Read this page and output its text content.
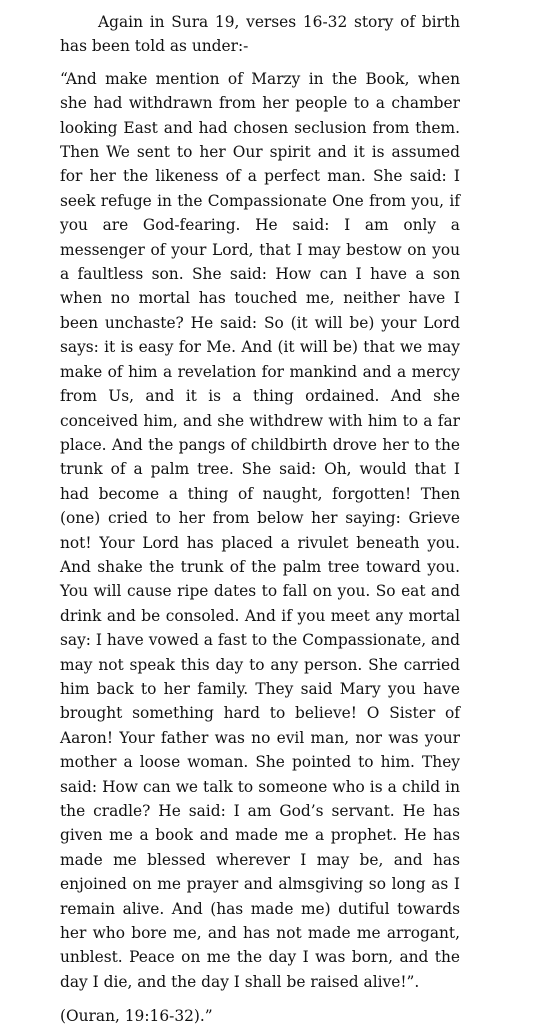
Again in Sura 19, verses 16-32 story of birth has been told as under:-

“And make mention of Marzy in the Book, when she had withdrawn from her people to a chamber looking East and had chosen seclusion from them. Then We sent to her Our spirit and it is assumed for her the likeness of a perfect man. She said: I seek refuge in the Compassionate One from you, if you are God-fearing. He said: I am only a messenger of your Lord, that I may bestow on you a faultless son. She said: How can I have a son when no mortal has touched me, neither have I been unchaste? He said: So (it will be) your Lord says: it is easy for Me. And (it will be) that we may make of him a revelation for mankind and a mercy from Us, and it is a thing ordained. And she conceived him, and she withdrew with him to a far place. And the pangs of childbirth drove her to the trunk of a palm tree. She said: Oh, would that I had become a thing of naught, forgotten! Then (one) cried to her from below her saying: Grieve not! Your Lord has placed a rivulet beneath you. And shake the trunk of the palm tree toward you. You will cause ripe dates to fall on you. So eat and drink and be consoled. And if you meet any mortal say: I have vowed a fast to the Compassionate, and may not speak this day to any person. She carried him back to her family. They said Mary you have brought something hard to believe! O Sister of Aaron! Your father was no evil man, nor was your mother a loose woman. She pointed to him. They said: How can we talk to someone who is a child in the cradle? He said: I am God’s servant. He has given me a book and made me a prophet. He has made me blessed wherever I may be, and has enjoined on me prayer and almsgiving so long as I remain alive. And (has made me) dutiful towards her who bore me, and has not made me arrogant, unblest. Peace on me the day I was born, and the day I die, and the day I shall be raised alive!”.

(Ouran, 19:16-32).”
